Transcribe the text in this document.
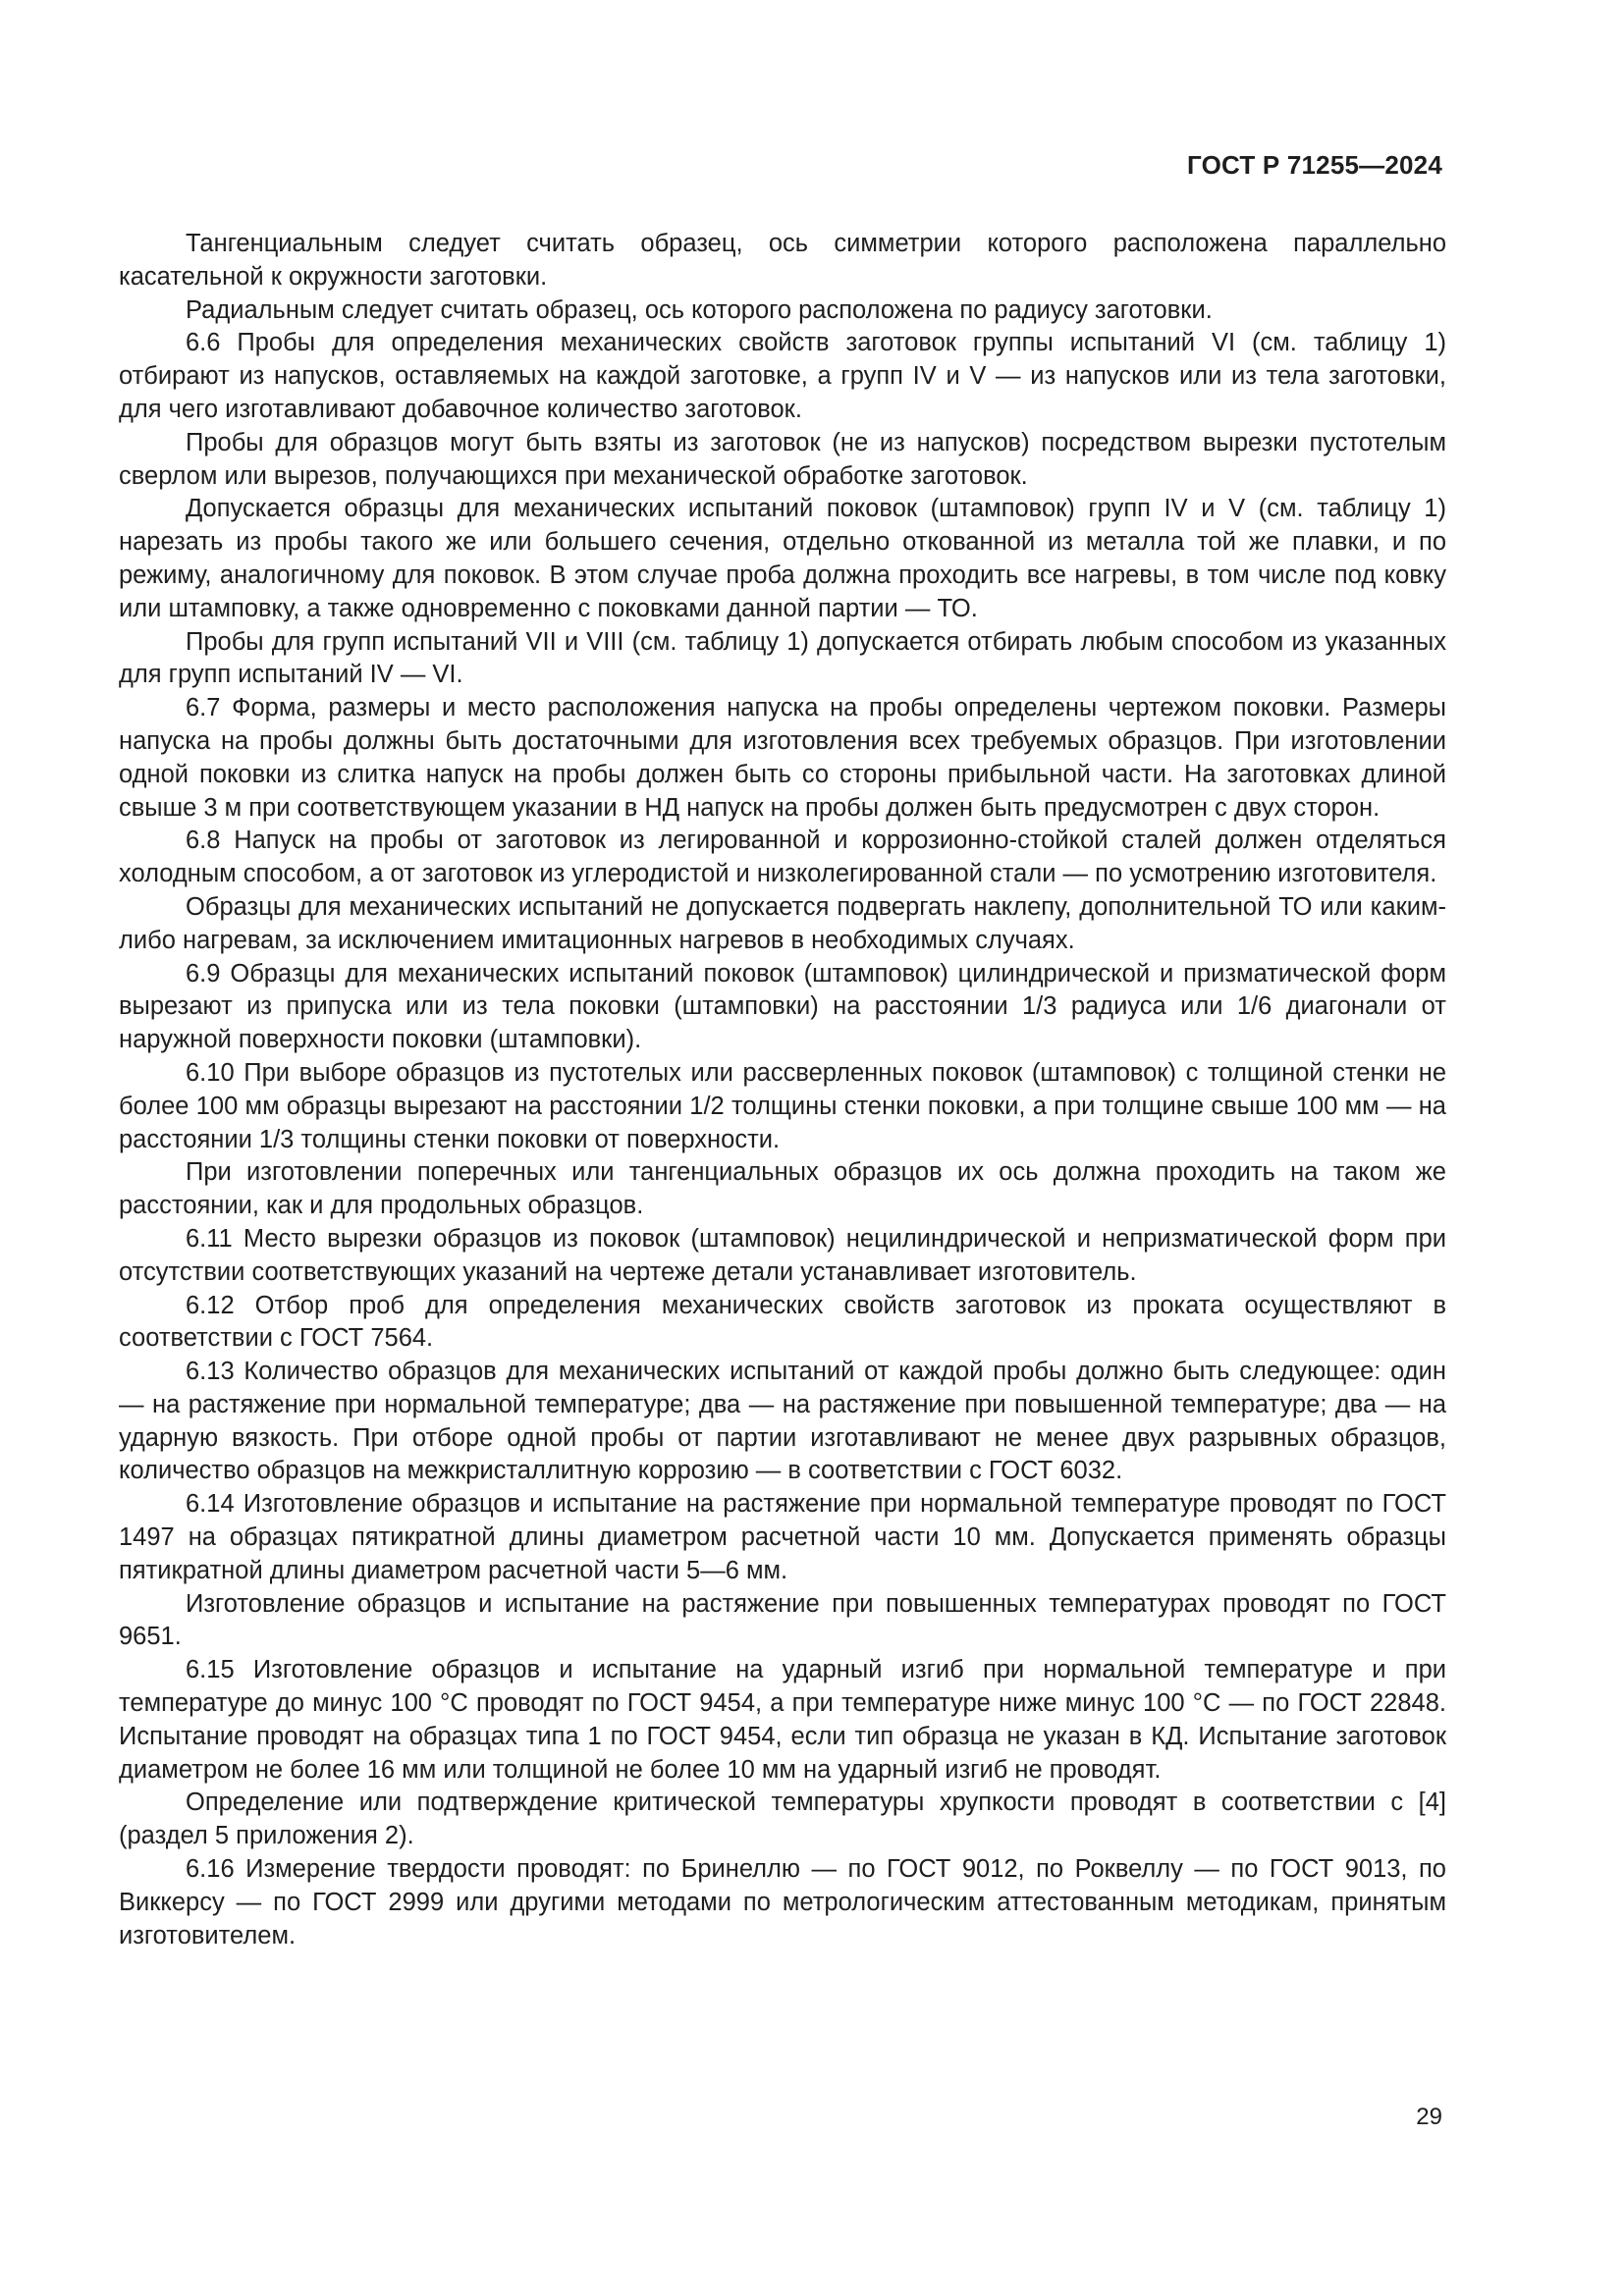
ГОСТ Р 71255—2024

Тангенциальным следует считать образец, ось симметрии которого расположена параллельно касательной к окружности заготовки.

Радиальным следует считать образец, ось которого расположена по радиусу заготовки.

6.6 Пробы для определения механических свойств заготовок группы испытаний VI (см. таблицу 1) отбирают из напусков, оставляемых на каждой заготовке, а групп IV и V — из напусков или из тела заготовки, для чего изготавливают добавочное количество заготовок.

Пробы для образцов могут быть взяты из заготовок (не из напусков) посредством вырезки пустотелым сверлом или вырезов, получающихся при механической обработке заготовок.

Допускается образцы для механических испытаний поковок (штамповок) групп IV и V (см. таблицу 1) нарезать из пробы такого же или большего сечения, отдельно откованной из металла той же плавки, и по режиму, аналогичному для поковок. В этом случае проба должна проходить все нагревы, в том числе под ковку или штамповку, а также одновременно с поковками данной партии — ТО.

Пробы для групп испытаний VII и VIII (см. таблицу 1) допускается отбирать любым способом из указанных для групп испытаний IV — VI.

6.7 Форма, размеры и место расположения напуска на пробы определены чертежом поковки. Размеры напуска на пробы должны быть достаточными для изготовления всех требуемых образцов. При изготовлении одной поковки из слитка напуск на пробы должен быть со стороны прибыльной части. На заготовках длиной свыше 3 м при соответствующем указании в НД напуск на пробы должен быть предусмотрен с двух сторон.

6.8 Напуск на пробы от заготовок из легированной и коррозионно-стойкой сталей должен отделяться холодным способом, а от заготовок из углеродистой и низколегированной стали — по усмотрению изготовителя.

Образцы для механических испытаний не допускается подвергать наклепу, дополнительной ТО или каким-либо нагревам, за исключением имитационных нагревов в необходимых случаях.

6.9 Образцы для механических испытаний поковок (штамповок) цилиндрической и призматической форм вырезают из припуска или из тела поковки (штамповки) на расстоянии 1/3 радиуса или 1/6 диагонали от наружной поверхности поковки (штамповки).

6.10 При выборе образцов из пустотелых или рассверленных поковок (штамповок) с толщиной стенки не более 100 мм образцы вырезают на расстоянии 1/2 толщины стенки поковки, а при толщине свыше 100 мм — на расстоянии 1/3 толщины стенки поковки от поверхности.

При изготовлении поперечных или тангенциальных образцов их ось должна проходить на таком же расстоянии, как и для продольных образцов.

6.11 Место вырезки образцов из поковок (штамповок) нецилиндрической и непризматической форм при отсутствии соответствующих указаний на чертеже детали устанавливает изготовитель.

6.12 Отбор проб для определения механических свойств заготовок из проката осуществляют в соответствии с ГОСТ 7564.

6.13 Количество образцов для механических испытаний от каждой пробы должно быть следующее: один — на растяжение при нормальной температуре; два — на растяжение при повышенной температуре; два — на ударную вязкость. При отборе одной пробы от партии изготавливают не менее двух разрывных образцов, количество образцов на межкристаллитную коррозию — в соответствии с ГОСТ 6032.

6.14 Изготовление образцов и испытание на растяжение при нормальной температуре проводят по ГОСТ 1497 на образцах пятикратной длины диаметром расчетной части 10 мм. Допускается применять образцы пятикратной длины диаметром расчетной части 5—6 мм.

Изготовление образцов и испытание на растяжение при повышенных температурах проводят по ГОСТ 9651.

6.15 Изготовление образцов и испытание на ударный изгиб при нормальной температуре и при температуре до минус 100 °С проводят по ГОСТ 9454, а при температуре ниже минус 100 °С — по ГОСТ 22848. Испытание проводят на образцах типа 1 по ГОСТ 9454, если тип образца не указан в КД. Испытание заготовок диаметром не более 16 мм или толщиной не более 10 мм на ударный изгиб не проводят.

Определение или подтверждение критической температуры хрупкости проводят в соответствии с [4] (раздел 5 приложения 2).

6.16 Измерение твердости проводят: по Бринеллю — по ГОСТ 9012, по Роквеллу — по ГОСТ 9013, по Виккерсу — по ГОСТ 2999 или другими методами по метрологическим аттестованным методикам, принятым изготовителем.

29
